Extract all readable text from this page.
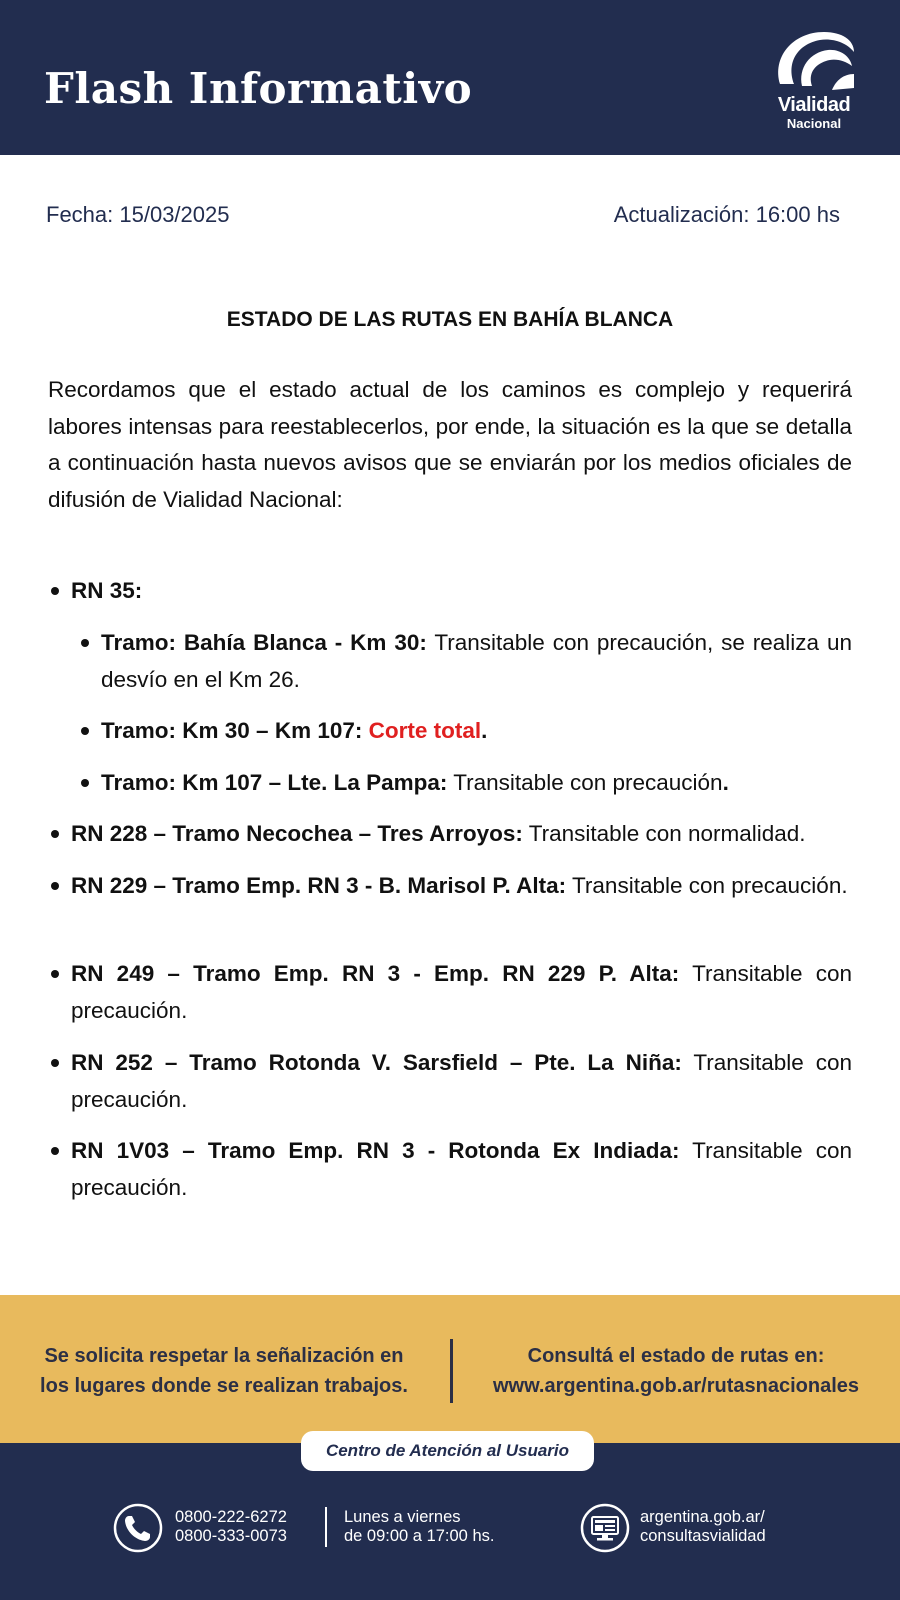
Flash Informativo	Vialidad
Nacional
Fecha: 15/03/2025	Actualización: 16:00 hs
ESTADO DE LAS RUTAS EN BAHÍA BLANCA
Recordamos que el estado actual de los caminos es complejo y requerirá labores intensas para reestablecerlos, por ende, la situación es la que se detalla a continuación hasta nuevos avisos que se enviarán por los medios oficiales de difusión de Vialidad Nacional:
RN 35:
Tramo: Bahía Blanca - Km 30: Transitable con precaución, se realiza un desvío en el Km 26.
Tramo: Km 30 – Km 107: Corte total.
Tramo: Km 107 – Lte. La Pampa: Transitable con precaución.
RN 228 – Tramo Necochea – Tres Arroyos: Transitable con normalidad.
RN 229 – Tramo Emp. RN 3 - B. Marisol P. Alta: Transitable con precaución.
RN 249 – Tramo Emp. RN 3 - Emp. RN 229 P. Alta: Transitable con precaución.
RN 252 – Tramo Rotonda V. Sarsfield – Pte. La Niña: Transitable con precaución.
RN 1V03 – Tramo Emp. RN 3 - Rotonda Ex Indiada: Transitable con precaución.
Se solicita respetar la señalización en
los lugares donde se realizan trabajos.
Consultá el estado de rutas en:
www.argentina.gob.ar/rutasnacionales
Centro de Atención al Usuario
0800-222-6272
0800-333-0073
Lunes a viernes
de 09:00 a 17:00 hs.
argentina.gob.ar/
consultasvialidad
